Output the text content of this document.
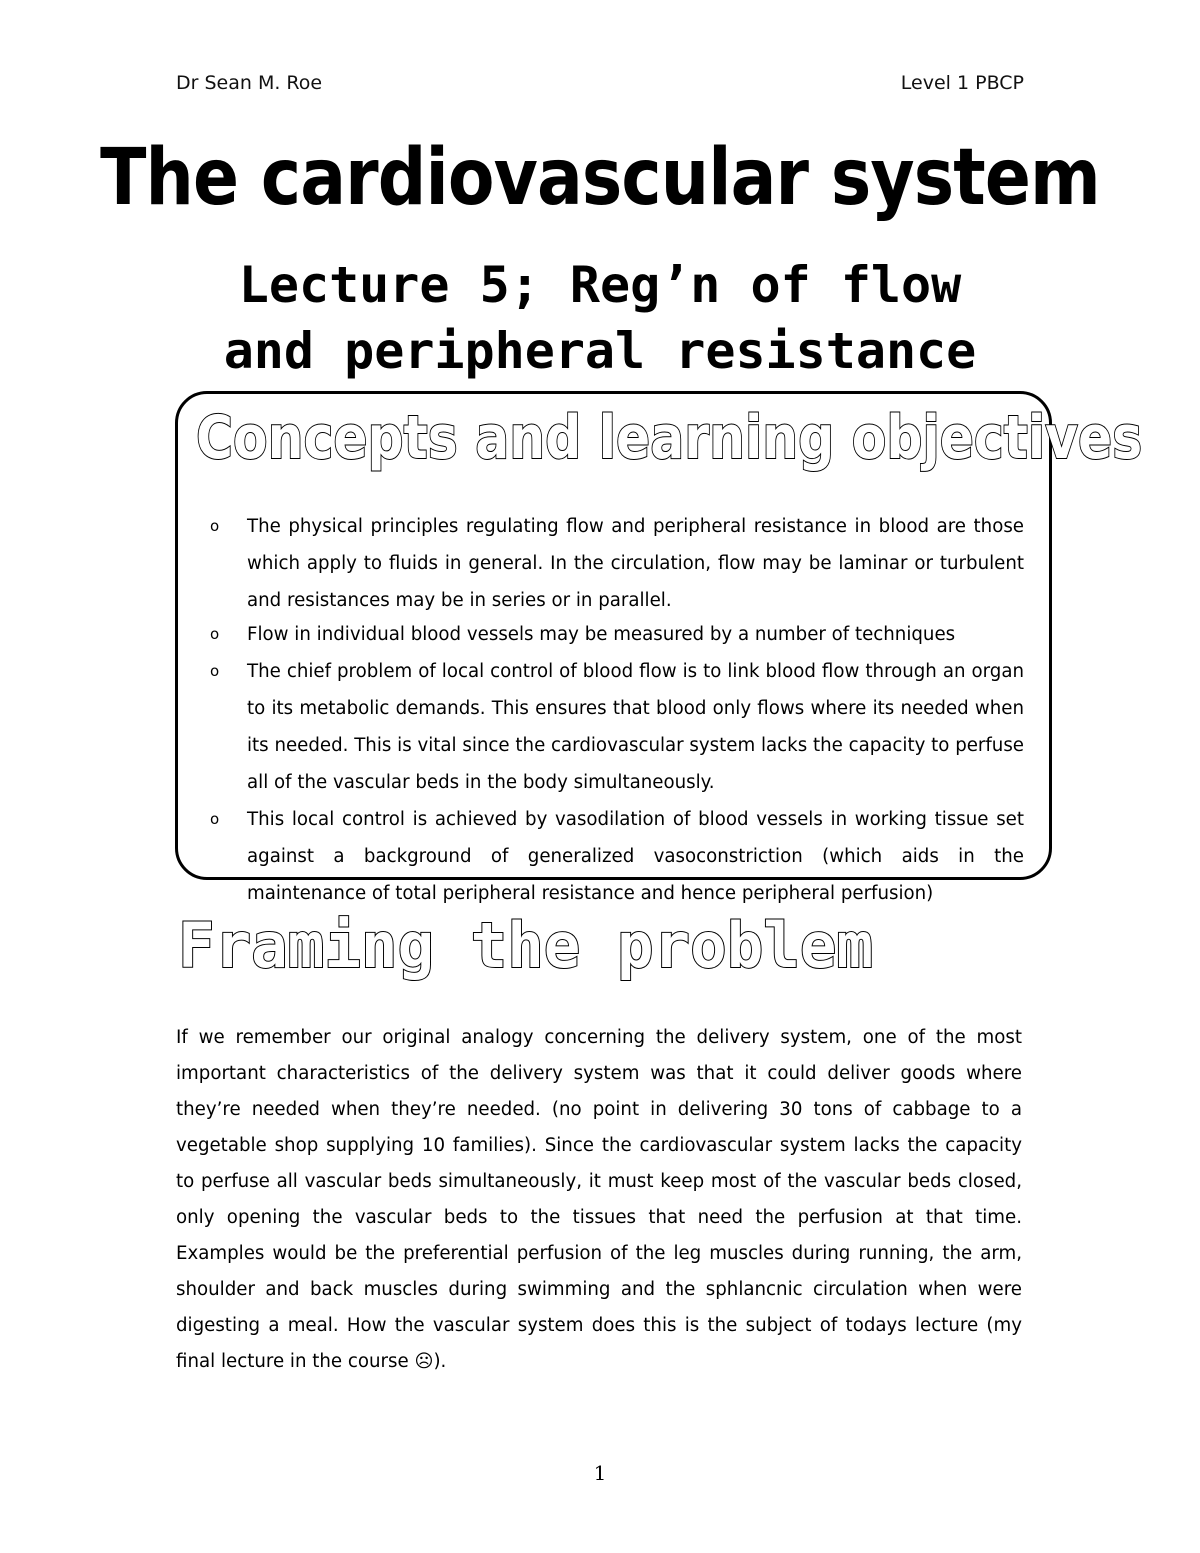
Dr Sean M. Roe	Level 1 PBCP
The cardiovascular system
Lecture 5; Reg’n of flow
and peripheral resistance
Concepts and learning objectives
o The physical principles regulating flow and peripheral resistance in blood are those which apply to fluids in general. In the circulation, flow may be laminar or turbulent and resistances may be in series or in parallel.
o Flow in individual blood vessels may be measured by a number of techniques
o The chief problem of local control of blood flow is to link blood flow through an organ to its metabolic demands. This ensures that blood only flows where its needed when its needed. This is vital since the cardiovascular system lacks the capacity to perfuse all of the vascular beds in the body simultaneously.
o This local control is achieved by vasodilation of blood vessels in working tissue set against a background of generalized vasoconstriction (which aids in the maintenance of total peripheral resistance and hence peripheral perfusion)
Framing the problem

If we remember our original analogy concerning the delivery system, one of the most important characteristics of the delivery system was that it could deliver goods where they’re needed when they’re needed. (no point in delivering 30 tons of cabbage to a vegetable shop supplying 10 families). Since the cardiovascular system lacks the capacity to perfuse all vascular beds simultaneously, it must keep most of the vascular beds closed, only opening the vascular beds to the tissues that need the perfusion at that time. Examples would be the preferential perfusion of the leg muscles during running, the arm, shoulder and back muscles during swimming and the sphlancnic circulation when were digesting a meal. How the vascular system does this is the subject of todays lecture (my final lecture in the course ☹).

1
